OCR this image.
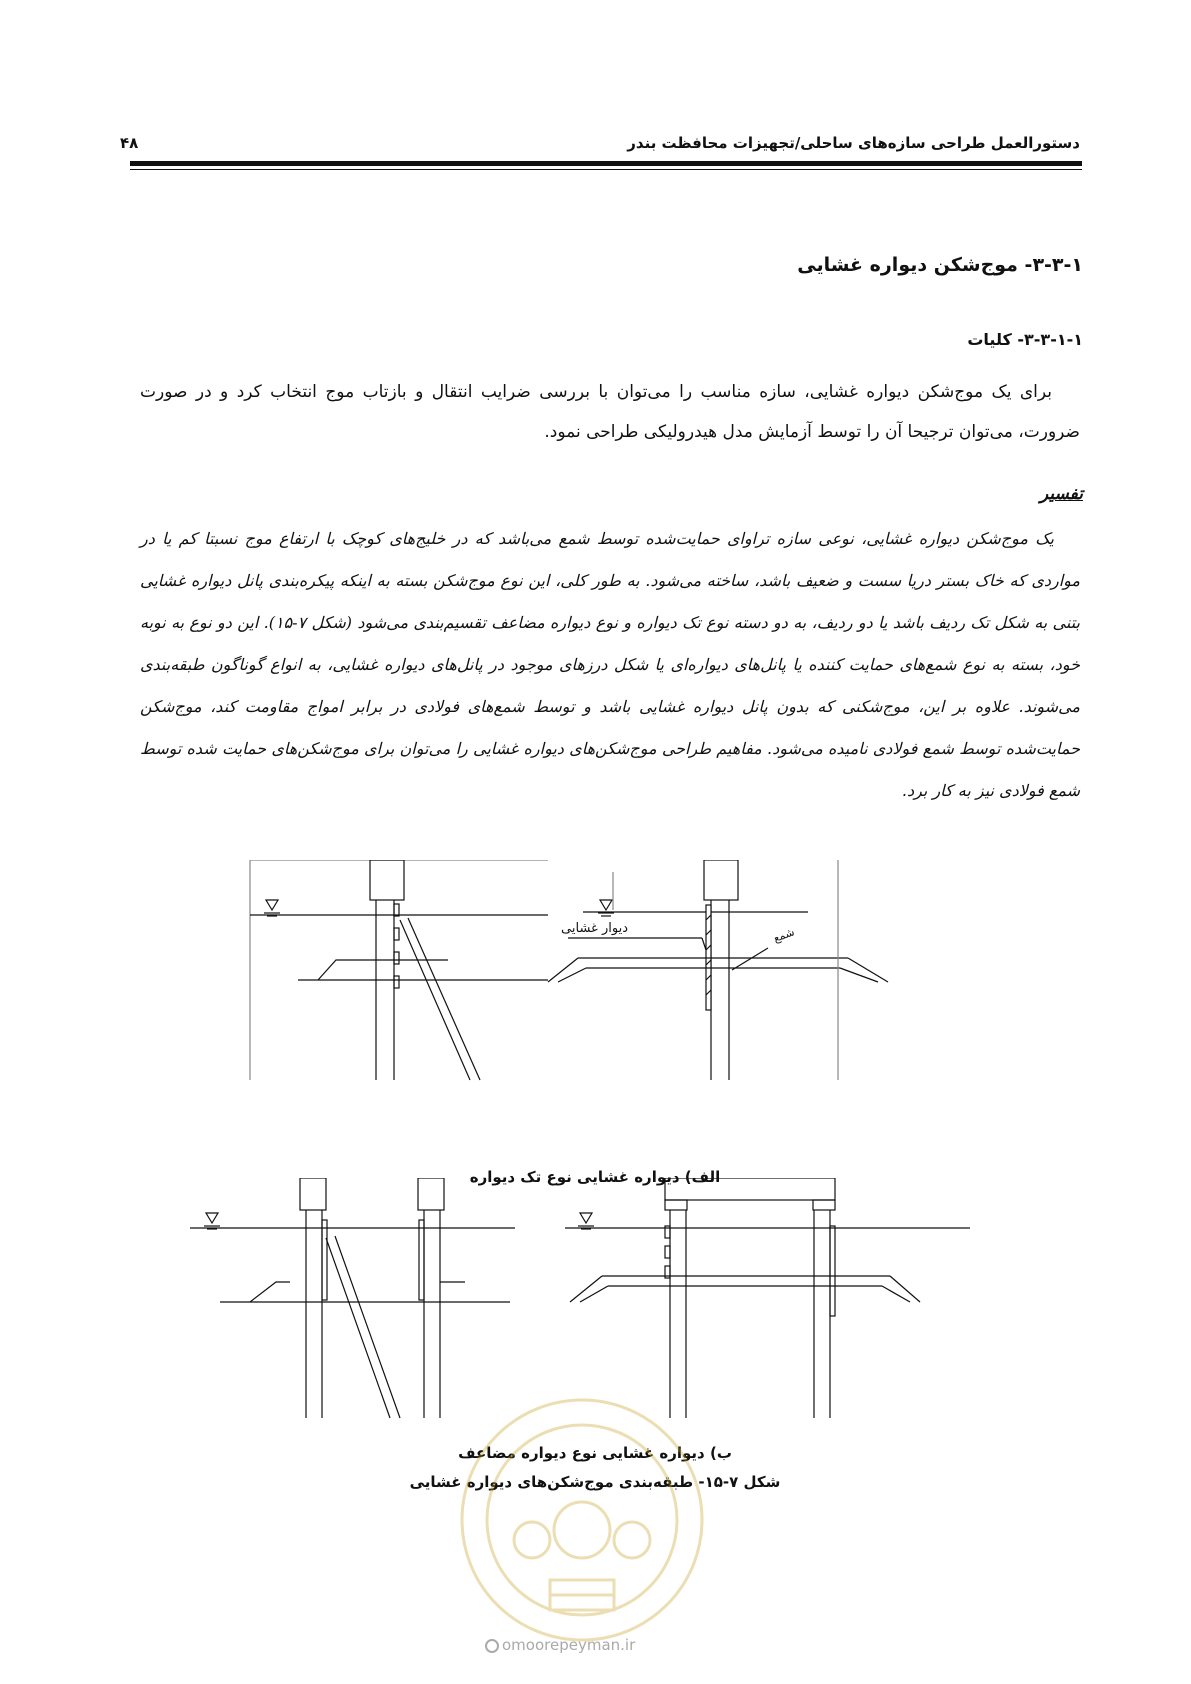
دستورالعمل طراحی سازه‌های ساحلی/تجهیزات محافظت بندر
۴۸
۳-۳-۱- موج‌شکن دیواره غشایی
۳-۳-۱-۱- کلیات
برای یک موج‌شکن دیواره غشایی، سازه مناسب را می‌توان با بررسی ضرایب انتقال و بازتاب موج انتخاب کرد و در صورت ضرورت، می‌توان ترجیحا آن را توسط آزمایش مدل هیدرولیکی طراحی نمود.
تفسیر
یک موج‌شکن دیواره غشایی، نوعی سازه تراوای حمایت‌شده توسط شمع می‌باشد که در خلیج‌های کوچک با ارتفاع موج نسبتا کم یا در مواردی که خاک بستر دریا سست و ضعیف باشد، ساخته می‌شود. به طور کلی، این نوع موج‌شکن بسته به اینکه پیکره‌بندی پانل دیواره غشایی بتنی به شکل تک ردیف باشد یا دو ردیف، به دو دسته نوع تک دیواره و نوع دیواره مضاعف تقسیم‌بندی می‌شود (شکل ۷-۱۵). این دو نوع به نوبه خود، بسته به نوع شمع‌های حمایت کننده یا پانل‌های دیواره‌ای یا شکل درزهای موجود در پانل‌های دیواره غشایی، به انواع گوناگون طبقه‌بندی می‌شوند. علاوه بر این، موج‌شکنی که بدون پانل دیواره غشایی باشد و توسط شمع‌های فولادی در برابر امواج مقاومت کند، موج‌شکن حمایت‌شده توسط شمع فولادی نامیده می‌شود. مفاهیم طراحی موج‌شکن‌های دیواره غشایی را می‌توان برای موج‌شکن‌های حمایت شده توسط شمع فولادی نیز به کار برد.
دیوار غشایی	شمع
الف) دیواره غشایی نوع تک دیواره
ب) دیواره غشایی نوع دیواره مضاعف
شکل ۷-۱۵- طبقه‌بندی موج‌شکن‌های دیواره غشایی
omoorepeyman.ir
